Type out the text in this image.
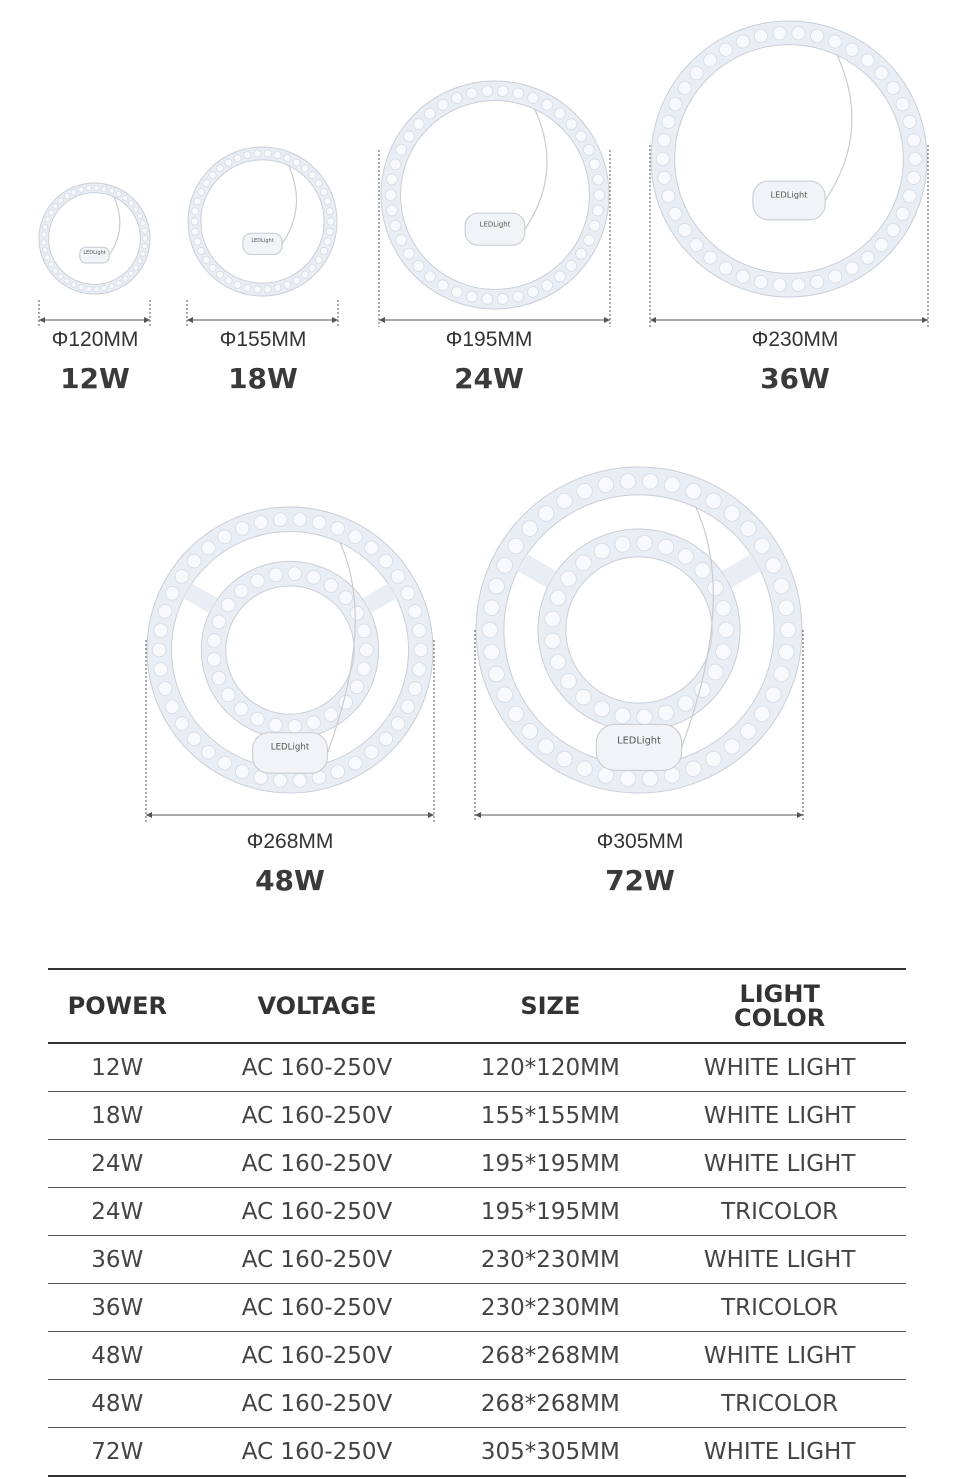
LEDLight
Φ120MM
12W
LEDLight
Φ155MM
18W
LEDLight
Φ195MM
24W
LEDLight
Φ230MM
36W
LEDLight
Φ268MM
48W
LEDLight
Φ305MM
72W
POWER	VOLTAGE	SIZE	LIGHT
COLOR
12W	AC 160-250V	120*120MM	WHITE LIGHT
18W	AC 160-250V	155*155MM	WHITE LIGHT
24W	AC 160-250V	195*195MM	WHITE LIGHT
24W	AC 160-250V	195*195MM	TRICOLOR
36W	AC 160-250V	230*230MM	WHITE LIGHT
36W	AC 160-250V	230*230MM	TRICOLOR
48W	AC 160-250V	268*268MM	WHITE LIGHT
48W	AC 160-250V	268*268MM	TRICOLOR
72W	AC 160-250V	305*305MM	WHITE LIGHT
